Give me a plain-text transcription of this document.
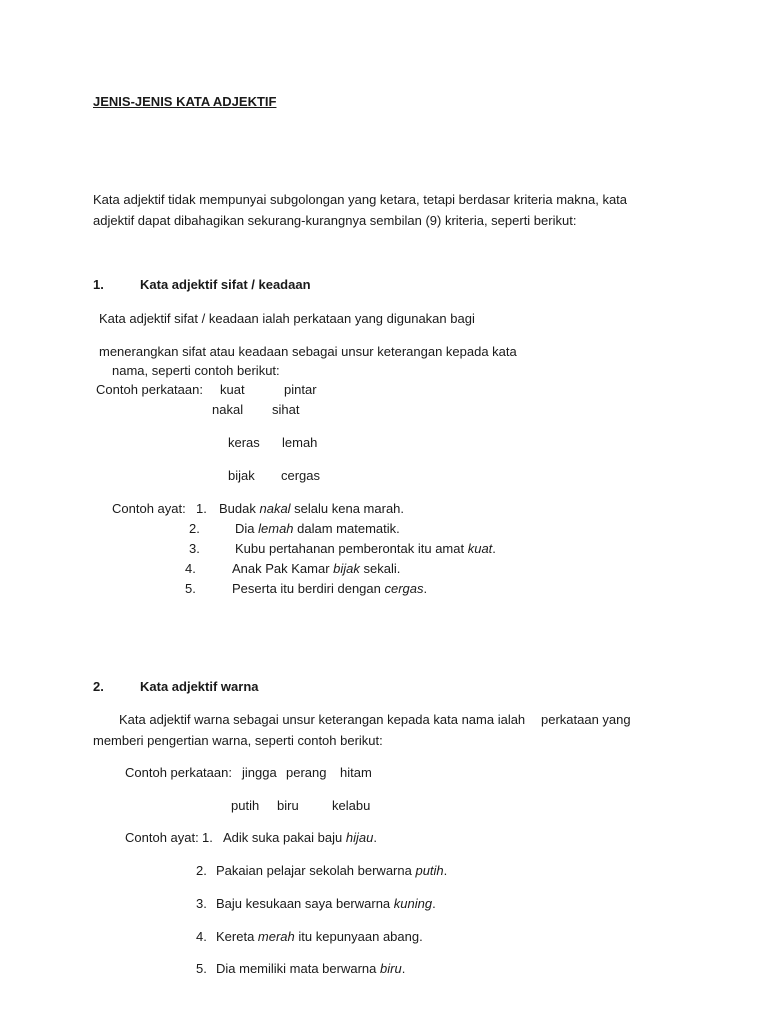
JENIS-JENIS KATA ADJEKTIF
Kata adjektif tidak mempunyai subgolongan yang ketara, tetapi berdasar kriteria makna, kata
adjektif dapat dibahagikan sekurang-kurangnya sembilan (9) kriteria, seperti berikut:
1.	Kata adjektif sifat / keadaan
Kata adjektif sifat / keadaan ialah perkataan yang digunakan bagi
menerangkan sifat atau keadaan sebagai unsur keterangan kepada kata
nama, seperti contoh berikut:
Contoh perkataan: kuat	pintar
nakal sihat
keras lemah
bijak cergas
Contoh ayat: 1. Budak nakal selalu kena marah.
2.	Dia lemah dalam matematik.
3.	Kubu pertahanan pemberontak itu amat kuat.
4.	Anak Pak Kamar bijak sekali.
5.	Peserta itu berdiri dengan cergas.
2.	Kata adjektif warna
Kata adjektif warna sebagai unsur keterangan kepada kata nama ialah perkataan yang
memberi pengertian warna, seperti contoh berikut:
Contoh perkataan: jingga perang hitam
putih biru	kelabu
Contoh ayat: 1. Adik suka pakai baju hijau.
2. Pakaian pelajar sekolah berwarna putih.
3. Baju kesukaan saya berwarna kuning.
4. Kereta merah itu kepunyaan abang.
5. Dia memiliki mata berwarna biru.
